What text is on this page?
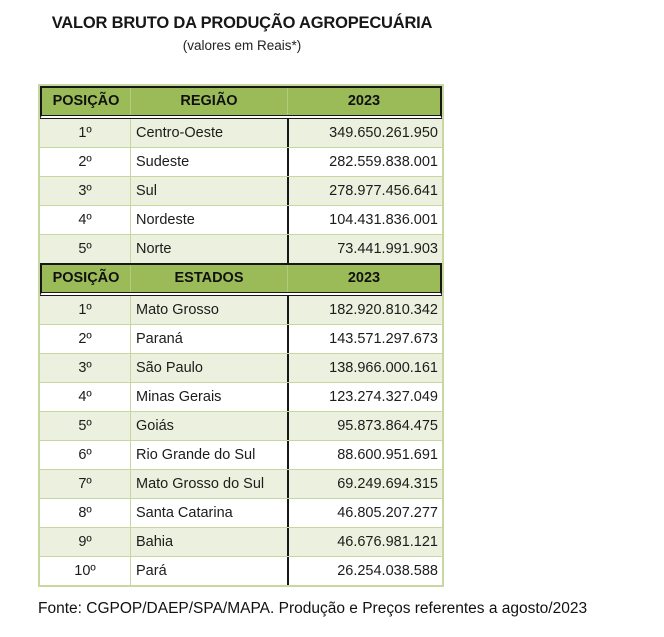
VALOR BRUTO DA PRODUÇÃO AGROPECUÁRIA
(valores em Reais*)
POSIÇÃO	REGIÃO	2023
1º	Centro-Oeste	349.650.261.950
2º	Sudeste	282.559.838.001
3º	Sul	278.977.456.641
4º	Nordeste	104.431.836.001
5º	Norte	73.441.991.903
POSIÇÃO	ESTADOS	2023
1º	Mato Grosso	182.920.810.342
2º	Paraná	143.571.297.673
3º	São Paulo	138.966.000.161
4º	Minas Gerais	123.274.327.049
5º	Goiás	95.873.864.475
6º	Rio Grande do Sul	88.600.951.691
7º	Mato Grosso do Sul	69.249.694.315
8º	Santa Catarina	46.805.207.277
9º	Bahia	46.676.981.121
10º	Pará	26.254.038.588
Fonte: CGPOP/DAEP/SPA/MAPA. Produção e Preços referentes a agosto/2023
